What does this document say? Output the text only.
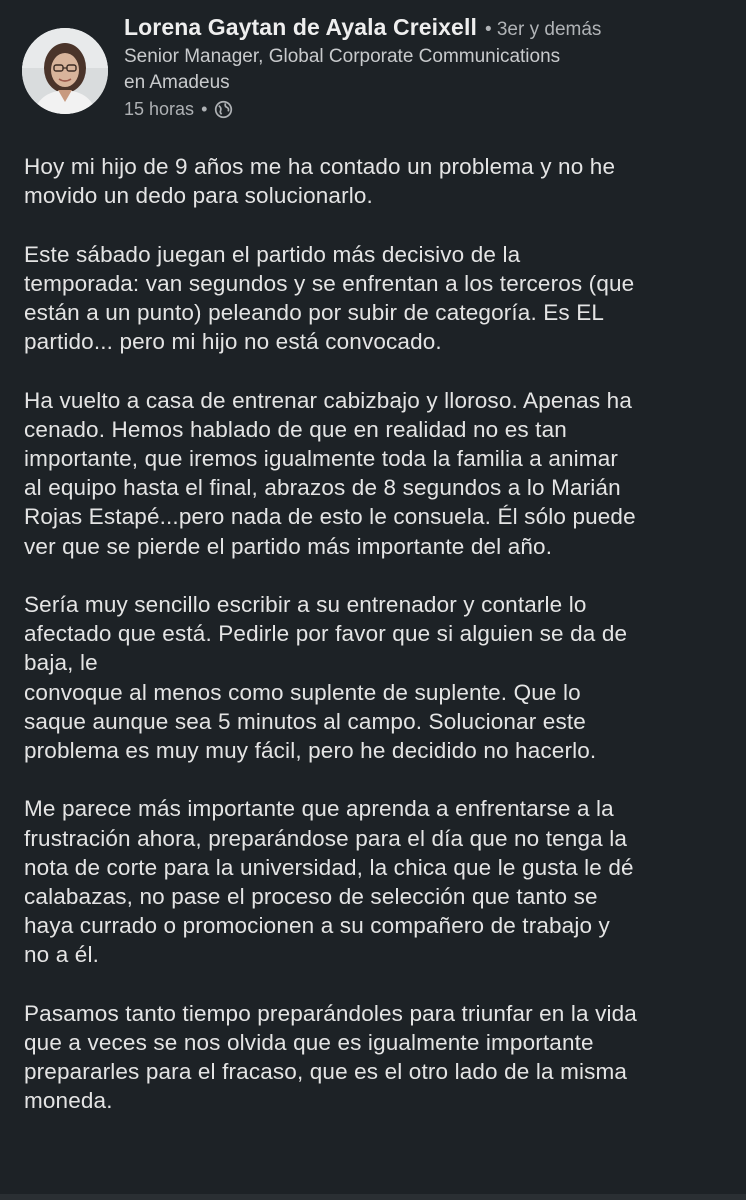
Lorena Gaytan de Ayala Creixell • 3er y demás
Senior Manager, Global Corporate Communications
en Amadeus
15 horas •

Hoy mi hijo de 9 años me ha contado un problema y no he
movido un dedo para solucionarlo.

Este sábado juegan el partido más decisivo de la
temporada: van segundos y se enfrentan a los terceros (que
están a un punto) peleando por subir de categoría. Es EL
partido... pero mi hijo no está convocado.

Ha vuelto a casa de entrenar cabizbajo y lloroso. Apenas ha
cenado. Hemos hablado de que en realidad no es tan
importante, que iremos igualmente toda la familia a animar
al equipo hasta el final, abrazos de 8 segundos a lo Marián
Rojas Estapé...pero nada de esto le consuela. Él sólo puede
ver que se pierde el partido más importante del año.

Sería muy sencillo escribir a su entrenador y contarle lo
afectado que está. Pedirle por favor que si alguien se da de
baja, le
convoque al menos como suplente de suplente. Que lo
saque aunque sea 5 minutos al campo. Solucionar este
problema es muy muy fácil, pero he decidido no hacerlo.

Me parece más importante que aprenda a enfrentarse a la
frustración ahora, preparándose para el día que no tenga la
nota de corte para la universidad, la chica que le gusta le dé
calabazas, no pase el proceso de selección que tanto se
haya currado o promocionen a su compañero de trabajo y
no a él.

Pasamos tanto tiempo preparándoles para triunfar en la vida
que a veces se nos olvida que es igualmente importante
prepararles para el fracaso, que es el otro lado de la misma
moneda.
